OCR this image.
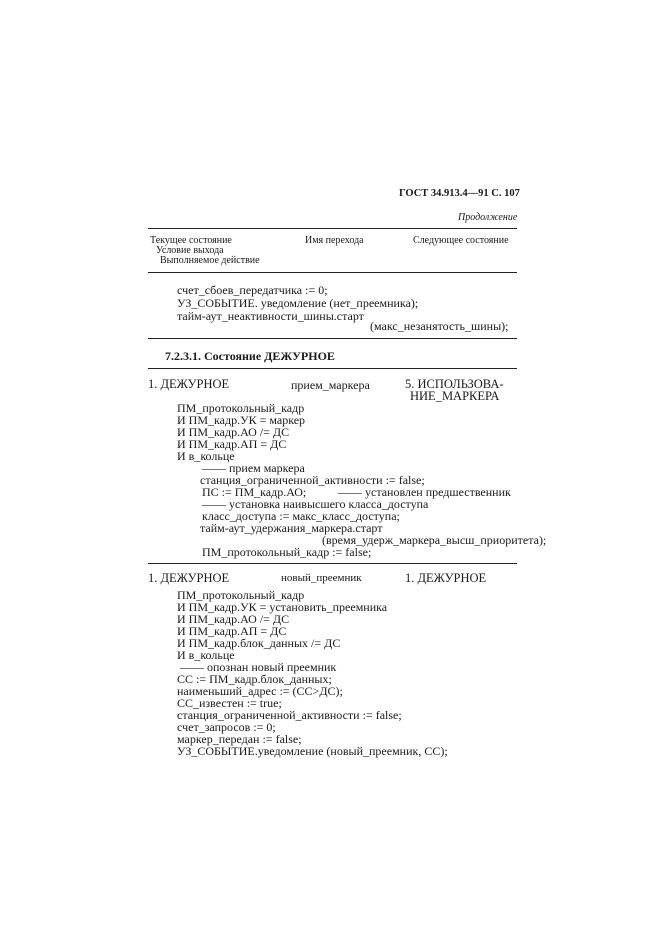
ГОСТ 34.913.4—91 С. 107
Продолжение
Текущее состояние
Условие выхода
Выполняемое действие
Имя перехода	Следующее состояние
счет_сбоев_передатчика := 0;
УЗ_СОБЫТИЕ. уведомление (нет_преемника);
тайм-аут_неактивности_шины.старт
(макс_незанятость_шины);
7.2.3.1. Состояние ДЕЖУРНОЕ
1. ДЕЖУРНОЕ	прием_маркера	5. ИСПОЛЬЗОВА-
НИЕ_МАРКЕРА
ПМ_протокольный_кадр
И ПМ_кадр.УК = маркер
И ПМ_кадр.АО /= ДС
И ПМ_кадр.АП = ДС
И в_кольце
—— прием маркера
станция_ограниченной_активности := false;
ПС := ПМ_кадр.АО;	—— установлен предшественник
—— установка наивысшего класса_доступа
класс_доступа := макс_класс_доступа;
тайм-аут_удержания_маркера.старт
(время_удерж_маркера_высш_приоритета);
ПМ_протокольный_кадр := false;
1. ДЕЖУРНОЕ	новый_преемник	1. ДЕЖУРНОЕ
ПМ_протокольный_кадр
И ПМ_кадр.УК = установить_преемника
И ПМ_кадр.АО /= ДС
И ПМ_кадр.АП = ДС
И ПМ_кадр.блок_данных /= ДС
И в_кольце
—— опознан новый преемник
СС := ПМ_кадр.блок_данных;
наименьший_адрес := (СС>ДС);
СС_известен := true;
станция_ограниченной_активности := false;
счет_запросов := 0;
маркер_передан := false;
УЗ_СОБЫТИЕ.уведомление (новый_преемник, СС);
